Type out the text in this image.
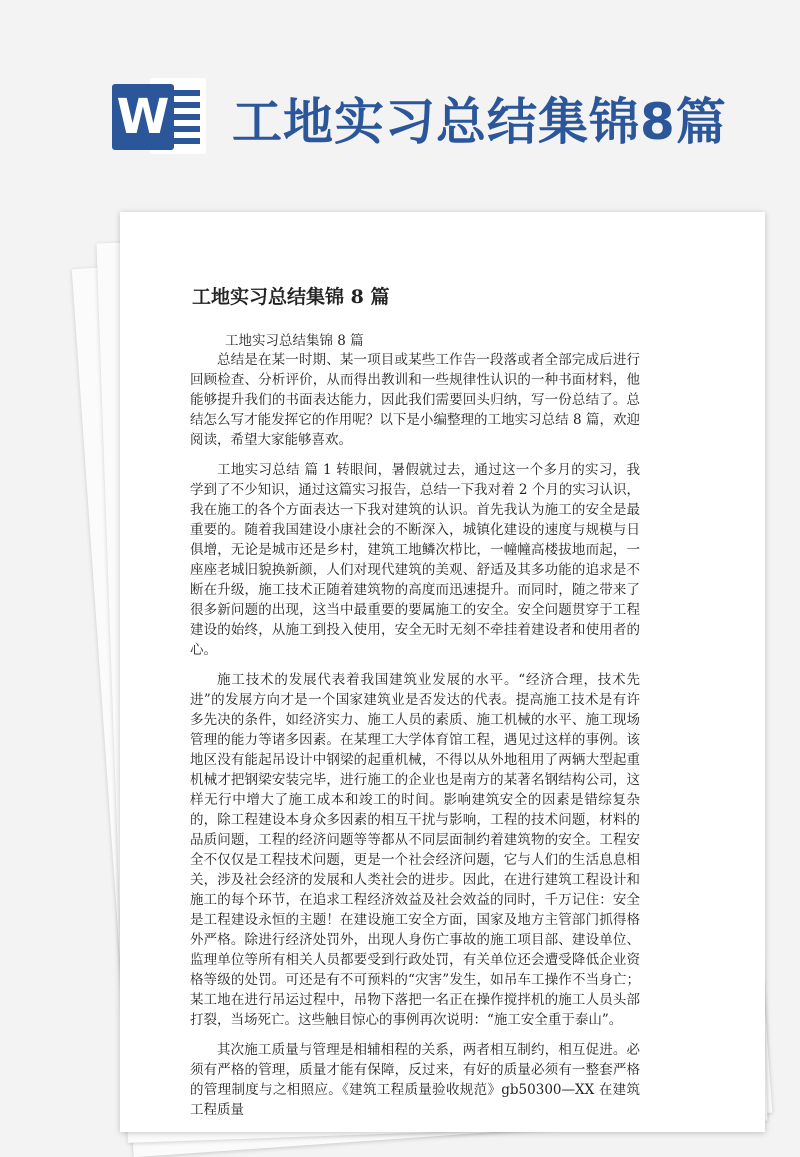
W 工地实习总结集锦8篇
工地实习总结集锦 8 篇
工地实习总结集锦 8 篇

总结是在某一时期、某一项目或某些工作告一段落或者全部完成后进行回顾检查、分析评价，从而得出教训和一些规律性认识的一种书面材料，他能够提升我们的书面表达能力，因此我们需要回头归纳，写一份总结了。总结怎么写才能发挥它的作用呢？以下是小编整理的工地实习总结 8 篇，欢迎阅读，希望大家能够喜欢。

工地实习总结 篇 1 转眼间，暑假就过去，通过这一个多月的实习，我学到了不少知识，通过这篇实习报告，总结一下我对着 2 个月的实习认识，我在施工的各个方面表达一下我对建筑的认识。首先我认为施工的安全是最重要的。随着我国建设小康社会的不断深入，城镇化建设的速度与规模与日俱增，无论是城市还是乡村，建筑工地鳞次栉比，一幢幢高楼拔地而起，一座座老城旧貌换新颜，人们对现代建筑的美观、舒适及其多功能的追求是不断在升级，施工技术正随着建筑物的高度而迅速提升。而同时，随之带来了很多新问题的出现，这当中最重要的要属施工的安全。安全问题贯穿于工程建设的始终，从施工到投入使用，安全无时无刻不牵挂着建设者和使用者的心。

施工技术的发展代表着我国建筑业发展的水平。“经济合理，技术先进”的发展方向才是一个国家建筑业是否发达的代表。提高施工技术是有许多先决的条件，如经济实力、施工人员的素质、施工机械的水平、施工现场管理的能力等诸多因素。在某理工大学体育馆工程，遇见过这样的事例。该地区没有能起吊设计中钢梁的起重机械，不得以从外地租用了两辆大型起重机械才把钢梁安装完毕，进行施工的企业也是南方的某著名钢结构公司，这样无行中增大了施工成本和竣工的时间。影响建筑安全的因素是错综复杂的，除工程建设本身众多因素的相互干扰与影响，工程的技术问题，材料的品质问题，工程的经济问题等等都从不同层面制约着建筑物的安全。工程安全不仅仅是工程技术问题，更是一个社会经济问题，它与人们的生活息息相关，涉及社会经济的发展和人类社会的进步。因此，在进行建筑工程设计和施工的每个环节，在追求工程经济效益及社会效益的同时，千万记住：安全是工程建设永恒的主题！在建设施工安全方面，国家及地方主管部门抓得格外严格。除进行经济处罚外，出现人身伤亡事故的施工项目部、建设单位、监理单位等所有相关人员都要受到行政处罚，有关单位还会遭受降低企业资格等级的处罚。可还是有不可预料的“灾害”发生，如吊车工操作不当身亡；某工地在进行吊运过程中，吊物下落把一名正在操作搅拌机的施工人员头部打裂，当场死亡。这些触目惊心的事例再次说明：“施工安全重于泰山”。

其次施工质量与管理是相辅相程的关系，两者相互制约，相互促进。必须有严格的管理，质量才能有保障，反过来，有好的质量必须有一整套严格的管理制度与之相照应。《建筑工程质量验收规范》gb50300—XX 在建筑工程质量
